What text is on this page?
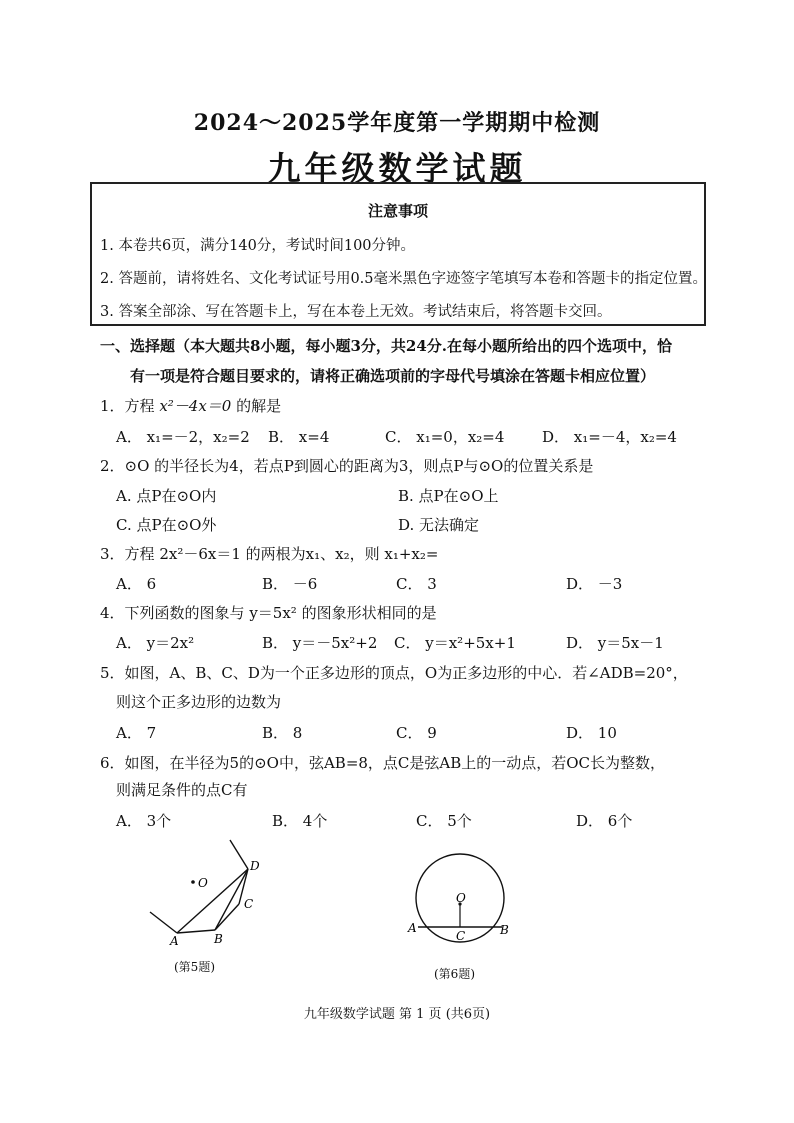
2024～2025学年度第一学期期中检测
九年级数学试题
注意事项
1. 本卷共6页，满分140分，考试时间100分钟。
2. 答题前，请将姓名、文化考试证号用0.5毫米黑色字迹签字笔填写本卷和答题卡的指定位置。
3. 答案全部涂、写在答题卡上，写在本卷上无效。考试结束后，将答题卡交回。
一、选择题（本大题共8小题，每小题3分，共24分.在每小题所给出的四个选项中，恰
有一项是符合题目要求的，请将正确选项前的字母代号填涂在答题卡相应位置）
1．方程 x²－4x＝0 的解是
A． x₁=－2，x₂=2 B． x=4	C． x₁=0，x₂=4	D． x₁=－4，x₂=4
2．⊙O 的半径长为4，若点P到圆心的距离为3，则点P与⊙O的位置关系是
A. 点P在⊙O内	B. 点P在⊙O上
C. 点P在⊙O外	D. 无法确定
3．方程 2x²－6x＝1 的两根为x₁、x₂，则 x₁+x₂=
A． 6	B． －6	C． 3	D． －3
4．下列函数的图象与 y＝5x² 的图象形状相同的是
A． y＝2x²	B． y＝－5x²+2 C． y＝x²+5x+1	D． y＝5x－1
5．如图，A、B、C、D为一个正多边形的顶点，O为正多边形的中心．若∠ADB=20°，
则这个正多边形的边数为
A． 7	B． 8	C． 9	D． 10
6．如图，在半径为5的⊙O中，弦AB=8，点C是弦AB上的一动点，若OC长为整数，
则满足条件的点C有
A． 3个	B． 4个	C． 5个	D． 6个
O
A	B
C
D
(第5题)
O
A	B
C
(第6题)
九年级数学试题 第 1 页 (共6页)
